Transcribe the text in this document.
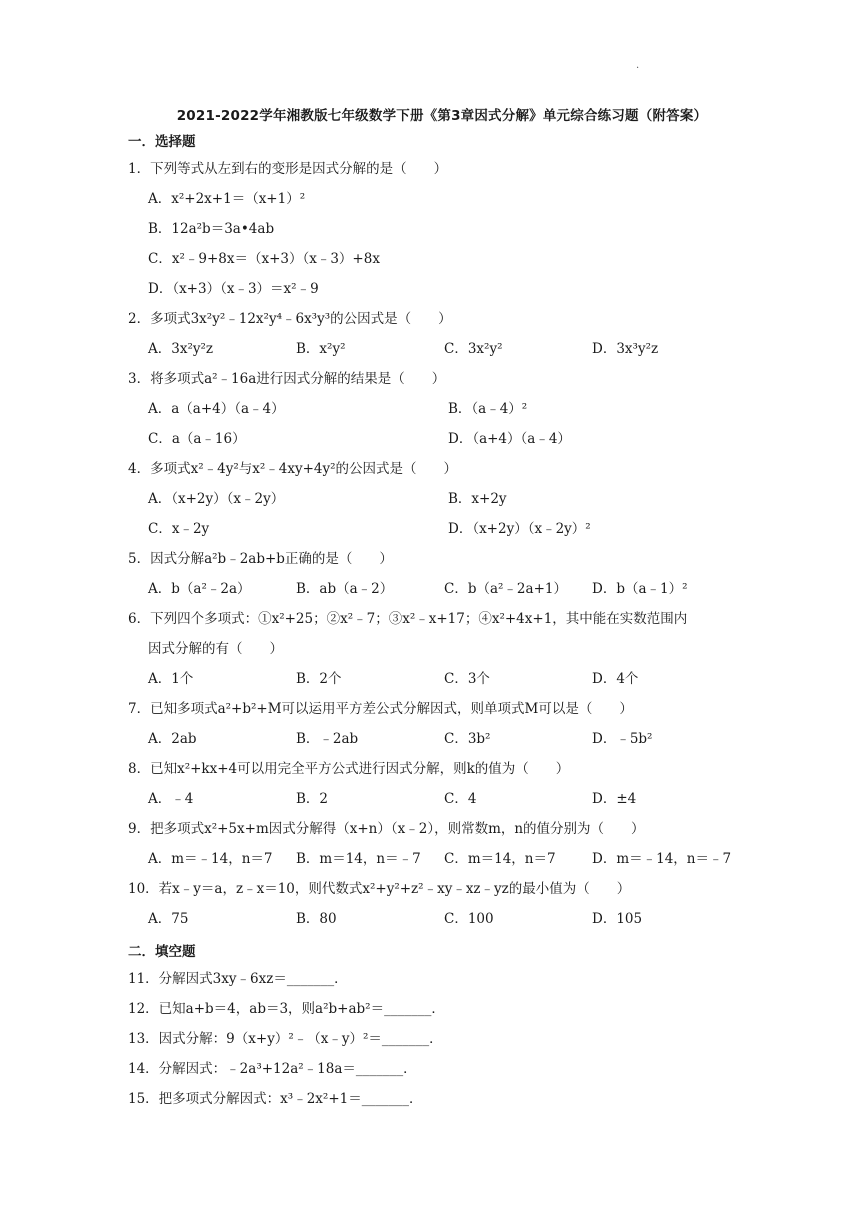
.
2021-2022学年湘教版七年级数学下册《第3章因式分解》单元综合练习题（附答案）
一．选择题
1．下列等式从左到右的变形是因式分解的是（　　）
A．x²+2x+1＝（x+1）²
B．12a²b＝3a•4ab
C．x²﹣9+8x＝（x+3）（x﹣3）+8x
D．（x+3）（x﹣3）＝x²﹣9
2．多项式3x²y²﹣12x²y⁴﹣6x³y³的公因式是（　　）
A．3x²y²z	B．x²y²	C．3x²y²	D．3x³y²z
3．将多项式a²﹣16a进行因式分解的结果是（　　）
A．a（a+4）（a﹣4）	B．（a﹣4）²
C．a（a﹣16）	D．（a+4）（a﹣4）
4．多项式x²﹣4y²与x²﹣4xy+4y²的公因式是（　　）
A．（x+2y）（x﹣2y）	B．x+2y
C．x﹣2y	D．（x+2y）（x﹣2y）²
5．因式分解a²b﹣2ab+b正确的是（　　）
A．b（a²﹣2a）	B．ab（a﹣2）	C．b（a²﹣2a+1）	D．b（a﹣1）²
6．下列四个多项式：①x²+25；②x²﹣7；③x²﹣x+17；④x²+4x+1，其中能在实数范围内
因式分解的有（　　）
A．1个	B．2个	C．3个	D．4个
7．已知多项式a²+b²+M可以运用平方差公式分解因式，则单项式M可以是（　　）
A．2ab	B．﹣2ab	C．3b²	D．﹣5b²
8．已知x²+kx+4可以用完全平方公式进行因式分解，则k的值为（　　）
A．﹣4	B．2	C．4	D．±4
9．把多项式x²+5x+m因式分解得（x+n）（x﹣2），则常数m，n的值分别为（　　）
A．m＝﹣14，n＝7	B．m＝14，n＝﹣7	C．m＝14，n＝7	D．m＝﹣14，n＝﹣7
10．若x﹣y＝a，z﹣x＝10，则代数式x²+y²+z²﹣xy﹣xz﹣yz的最小值为（　　）
A．75	B．80	C．100	D．105
二．填空题
11．分解因式3xy﹣6xz＝_______．
12．已知a+b＝4，ab＝3，则a²b+ab²＝_______．
13．因式分解：9（x+y）²﹣（x﹣y）²＝_______．
14．分解因式：﹣2a³+12a²﹣18a＝_______．
15．把多项式分解因式：x³﹣2x²+1＝_______．
